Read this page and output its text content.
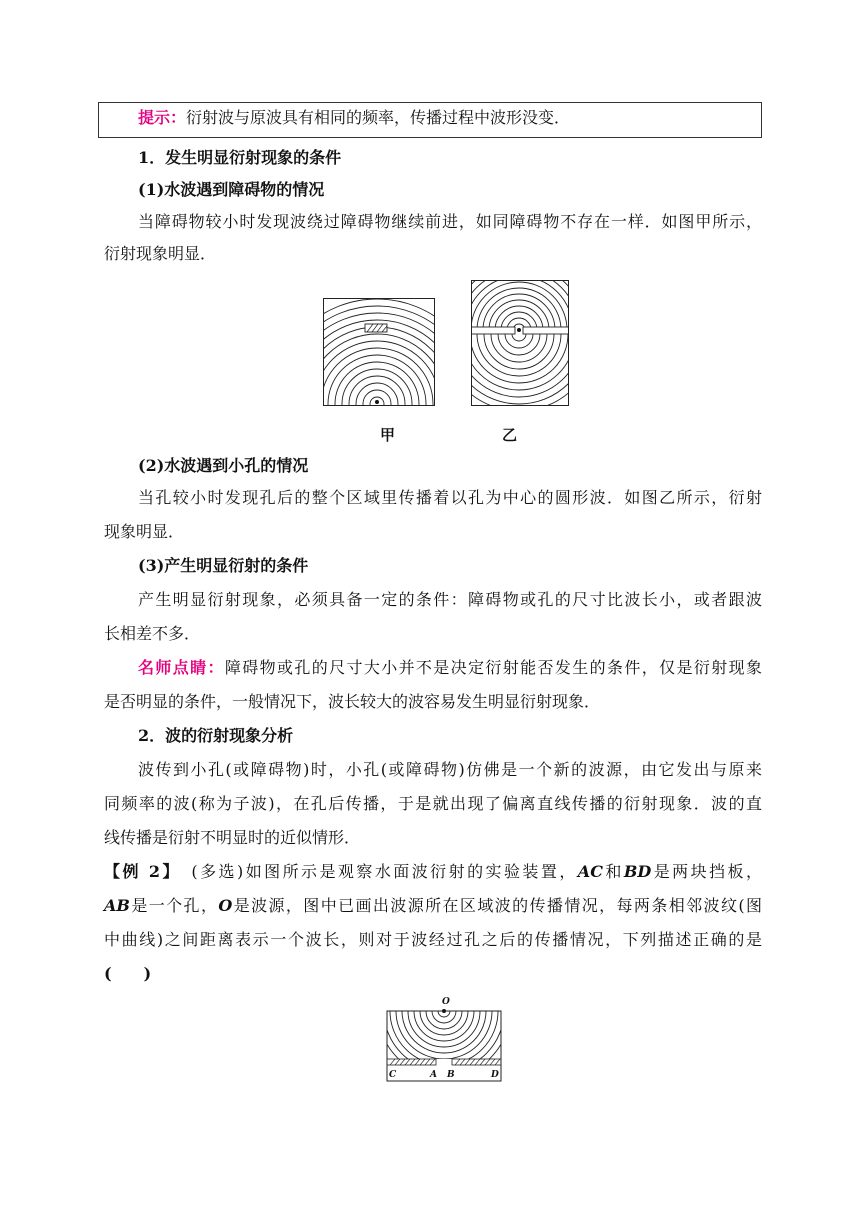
提示：衍射波与原波具有相同的频率，传播过程中波形没变．
1．发生明显衍射现象的条件
(1)水波遇到障碍物的情况
当障碍物较小时发现波绕过障碍物继续前进，如同障碍物不存在一样．如图甲所示，
衍射现象明显．
甲	乙
(2)水波遇到小孔的情况
当孔较小时发现孔后的整个区域里传播着以孔为中心的圆形波．如图乙所示，衍射
现象明显．
(3)产生明显衍射的条件
产生明显衍射现象，必须具备一定的条件：障碍物或孔的尺寸比波长小，或者跟波
长相差不多．
名师点睛：障碍物或孔的尺寸大小并不是决定衍射能否发生的条件，仅是衍射现象
是否明显的条件，一般情况下，波长较大的波容易发生明显衍射现象．
2．波的衍射现象分析
波传到小孔(或障碍物)时，小孔(或障碍物)仿佛是一个新的波源，由它发出与原来
同频率的波(称为子波)，在孔后传播，于是就出现了偏离直线传播的衍射现象．波的直
线传播是衍射不明显时的近似情形．
【例 2】　 (多选)如图所示是观察水面波衍射的实验装置，AC和BD是两块挡板，
AB是一个孔，O是波源，图中已画出波源所在区域波的传播情况，每两条相邻波纹(图
中曲线)之间距离表示一个波长，则对于波经过孔之后的传播情况，下列描述正确的是
(　　)
O
C	A B	D
